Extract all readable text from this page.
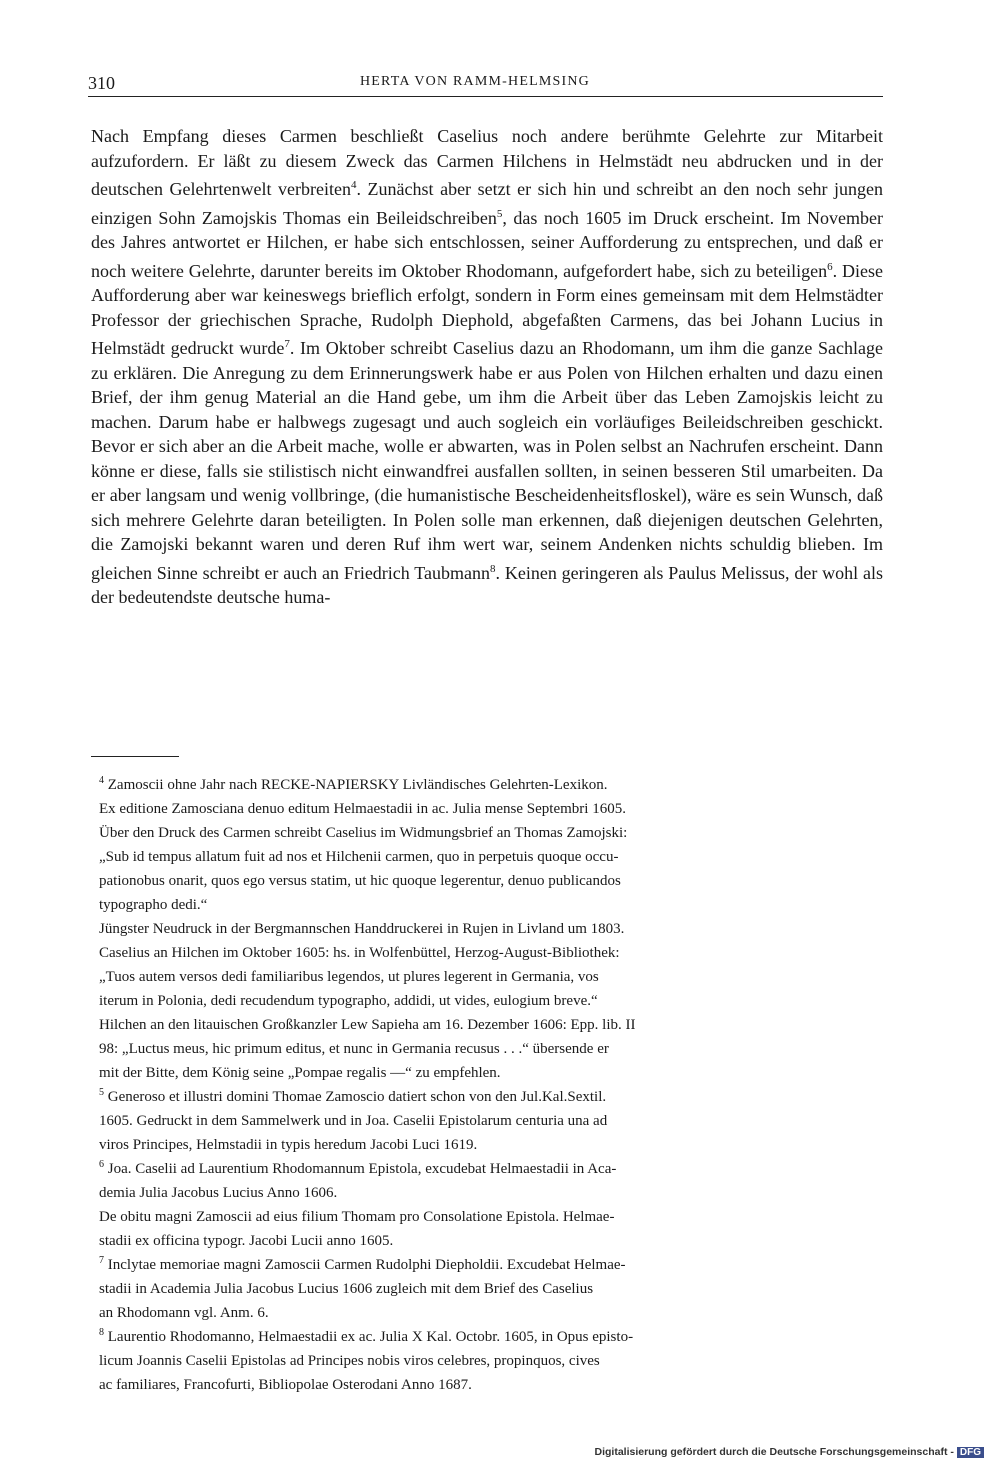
310	HERTA VON RAMM-HELMSING

Nach Empfang dieses Carmen beschließt Caselius noch andere berühmte Gelehrte zur Mitarbeit aufzufordern. Er läßt zu diesem Zweck das Carmen Hilchens in Helmstädt neu abdrucken und in der deutschen Gelehrtenwelt verbreiten$^4$. Zunächst aber setzt er sich hin und schreibt an den noch sehr jungen einzigen Sohn Zamojskis Thomas ein Beileidschreiben$^5$, das noch 1605 im Druck erscheint. Im November des Jahres antwortet er Hilchen, er habe sich entschlossen, seiner Aufforderung zu entsprechen, und daß er noch weitere Gelehrte, darunter bereits im Oktober Rhodomann, aufgefordert habe, sich zu beteiligen$^6$. Diese Aufforderung aber war keineswegs brieflich erfolgt, sondern in Form eines gemeinsam mit dem Helmstädter Professor der griechischen Sprache, Rudolph Diephold, abgefaßten Carmens, das bei Johann Lucius in Helmstädt gedruckt wurde$^7$. Im Oktober schreibt Caselius dazu an Rhodomann, um ihm die ganze Sachlage zu erklären. Die Anregung zu dem Erinnerungswerk habe er aus Polen von Hilchen erhalten und dazu einen Brief, der ihm genug Material an die Hand gebe, um ihm die Arbeit über das Leben Zamojskis leicht zu machen. Darum habe er halbwegs zugesagt und auch sogleich ein vorläufiges Beileidschreiben geschickt. Bevor er sich aber an die Arbeit mache, wolle er abwarten, was in Polen selbst an Nachrufen erscheint. Dann könne er diese, falls sie stilistisch nicht einwandfrei ausfallen sollten, in seinen besseren Stil umarbeiten. Da er aber langsam und wenig vollbringe, (die humanistische Bescheidenheitsfloskel), wäre es sein Wunsch, daß sich mehrere Gelehrte daran beteiligten. In Polen solle man erkennen, daß diejenigen deutschen Gelehrten, die Zamojski bekannt waren und deren Ruf ihm wert war, seinem Andenken nichts schuldig blieben. Im gleichen Sinne schreibt er auch an Friedrich Taubmann$^8$. Keinen geringeren als Paulus Melissus, der wohl als der bedeutendste deutsche huma-

$^4$ Zamoscii ohne Jahr nach RECKE-NAPIERSKY Livländisches Gelehrten-Lexikon.

Ex editione Zamosciana denuo editum Helmaestadii in ac. Julia mense Septembri 1605.

Über den Druck des Carmen schreibt Caselius im Widmungsbrief an Thomas Zamojski:

„Sub id tempus allatum fuit ad nos et Hilchenii carmen, quo in perpetuis quoque occu-

pationobus onarit, quos ego versus statim, ut hic quoque legerentur, denuo publicandos

typographo dedi.“

Jüngster Neudruck in der Bergmannschen Handdruckerei in Rujen in Livland um 1803.

Caselius an Hilchen im Oktober 1605: hs. in Wolfenbüttel, Herzog-August-Bibliothek:

„Tuos autem versos dedi familiaribus legendos, ut plures legerent in Germania, vos

iterum in Polonia, dedi recudendum typographo, addidi, ut vides, eulogium breve.“

Hilchen an den litauischen Großkanzler Lew Sapieha am 16. Dezember 1606: Epp. lib. II

98: „Luctus meus, hic primum editus, et nunc in Germania recusus . . .“ übersende er

mit der Bitte, dem König seine „Pompae regalis —“ zu empfehlen.

$^5$ Generoso et illustri domini Thomae Zamoscio datiert schon von den Jul.Kal.Sextil.

1605. Gedruckt in dem Sammelwerk und in Joa. Caselii Epistolarum centuria una ad

viros Principes, Helmstadii in typis heredum Jacobi Luci 1619.

$^6$ Joa. Caselii ad Laurentium Rhodomannum Epistola, excudebat Helmaestadii in Aca-

demia Julia Jacobus Lucius Anno 1606.

De obitu magni Zamoscii ad eius filium Thomam pro Consolatione Epistola. Helmae-

stadii ex officina typogr. Jacobi Lucii anno 1605.

$^7$ Inclytae memoriae magni Zamoscii Carmen Rudolphi Diepholdii. Excudebat Helmae-

stadii in Academia Julia Jacobus Lucius 1606 zugleich mit dem Brief des Caselius

an Rhodomann vgl. Anm. 6.

$^8$ Laurentio Rhodomanno, Helmaestadii ex ac. Julia X Kal. Octobr. 1605, in Opus episto-

licum Joannis Caselii Epistolas ad Principes nobis viros celebres, propinquos, cives

ac familiares, Francofurti, Bibliopolae Osterodani Anno 1687.

Digitalisierung gefördert durch die Deutsche Forschungsgemeinschaft - DFG
